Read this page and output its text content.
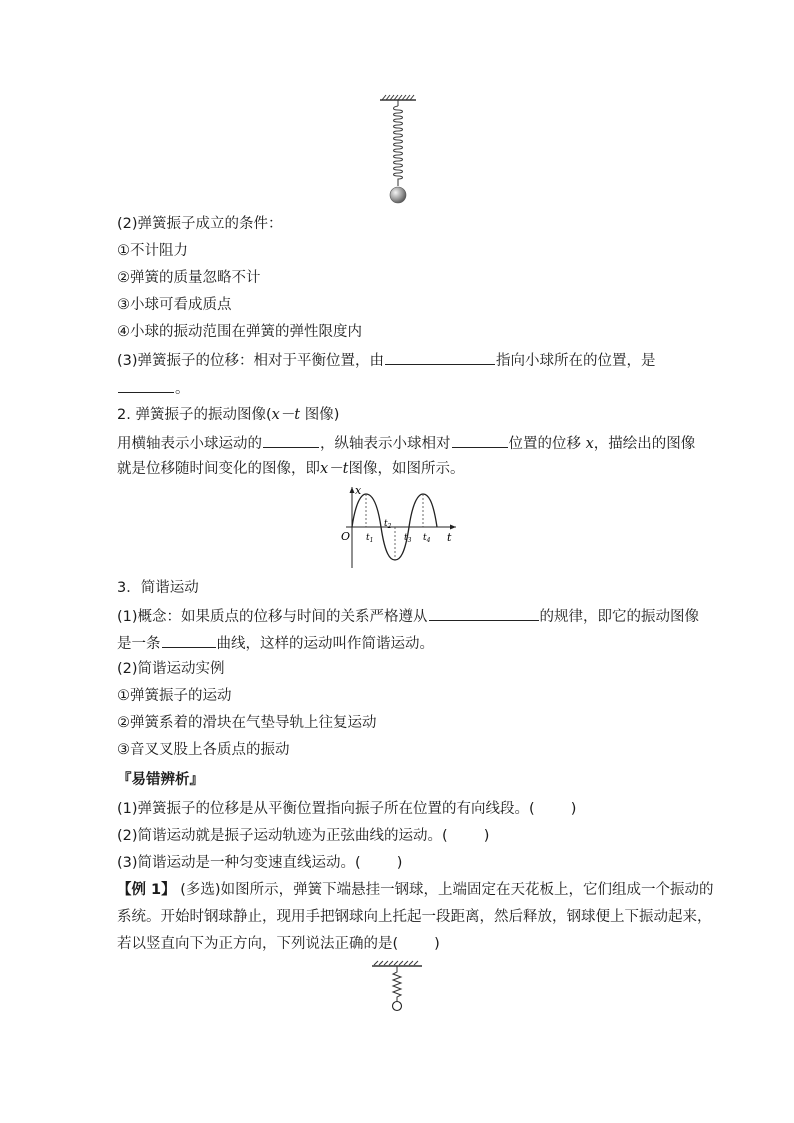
(2)弹簧振子成立的条件：
①不计阻力
②弹簧的质量忽略不计
③小球可看成质点
④小球的振动范围在弹簧的弹性限度内
(3)弹簧振子的位移：相对于平衡位置，由	指向小球所在的位置，是
。
2. 弹簧振子的振动图像(x－t 图像)
用横轴表示小球运动的	，纵轴表示小球相对	位置的位移 x，描绘出的图像
就是位移随时间变化的图像，即x－t图像，如图所示。
x
t
O $t_1$
$t_2$
$t_3$ $t_4$
3．简谐运动
(1)概念：如果质点的位移与时间的关系严格遵从	的规律，即它的振动图像
是一条	曲线，这样的运动叫作简谐运动。
(2)简谐运动实例
①弹簧振子的运动
②弹簧系着的滑块在气垫导轨上往复运动
③音叉叉股上各质点的振动
『易错辨析』
(1)弹簧振子的位移是从平衡位置指向振子所在位置的有向线段。( )
(2)简谐运动就是振子运动轨迹为正弦曲线的运动。( )
(3)简谐运动是一种匀变速直线运动。( )
【例 1】 (多选)如图所示，弹簧下端悬挂一钢球，上端固定在天花板上，它们组成一个振动的
系统。开始时钢球静止，现用手把钢球向上托起一段距离，然后释放，钢球便上下振动起来，
若以竖直向下为正方向，下列说法正确的是( )
